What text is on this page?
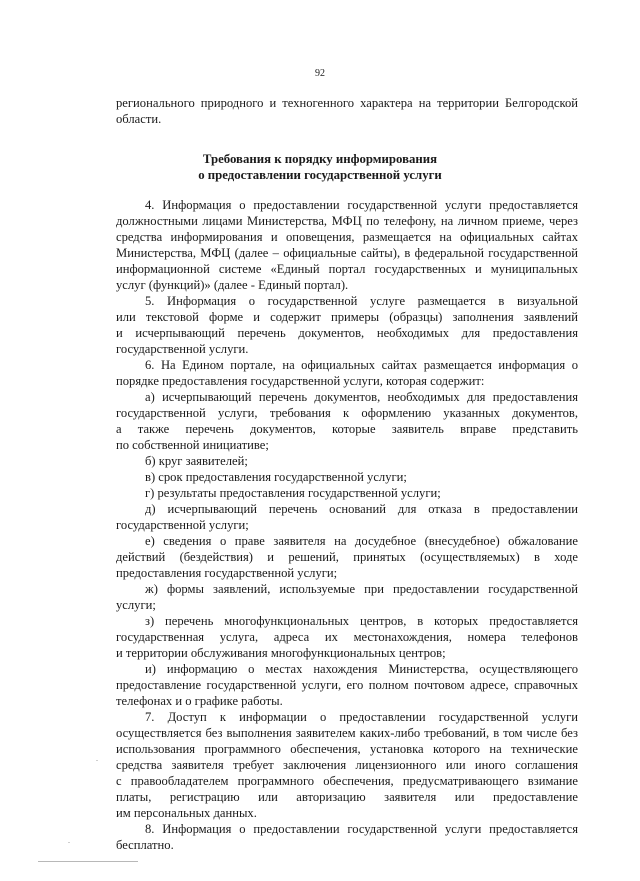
92
регионального природного и техногенного характера на территории Белгородской
области.
Требования к порядку информирования
о предоставлении государственной услуги
4. Информация о предоставлении государственной услуги предоставляется
должностными лицами Министерства, МФЦ по телефону, на личном приеме, через
средства информирования и оповещения, размещается на официальных сайтах
Министерства, МФЦ (далее – официальные сайты), в федеральной государственной
информационной системе «Единый портал государственных и муниципальных
услуг (функций)» (далее - Единый портал).
5. Информация о государственной услуге размещается в визуальной
или текстовой форме и содержит примеры (образцы) заполнения заявлений
и исчерпывающий перечень документов, необходимых для предоставления
государственной услуги.
6. На Едином портале, на официальных сайтах размещается информация о
порядке предоставления государственной услуги, которая содержит:
а) исчерпывающий перечень документов, необходимых для предоставления
государственной услуги, требования к оформлению указанных документов,
а также перечень документов, которые заявитель вправе представить
по собственной инициативе;
б) круг заявителей;
в) срок предоставления государственной услуги;
г) результаты предоставления государственной услуги;
д) исчерпывающий перечень оснований для отказа в предоставлении
государственной услуги;
е) сведения о праве заявителя на досудебное (внесудебное) обжалование
действий (бездействия) и решений, принятых (осуществляемых) в ходе
предоставления государственной услуги;
ж) формы заявлений, используемые при предоставлении государственной
услуги;
з) перечень многофункциональных центров, в которых предоставляется
государственная услуга, адреса их местонахождения, номера телефонов
и территории обслуживания многофункциональных центров;
и) информацию о местах нахождения Министерства, осуществляющего
предоставление государственной услуги, его полном почтовом адресе, справочных
телефонах и о графике работы.
7. Доступ к информации о предоставлении государственной услуги
осуществляется без выполнения заявителем каких-либо требований, в том числе без
использования программного обеспечения, установка которого на технические
средства заявителя требует заключения лицензионного или иного соглашения
с правообладателем программного обеспечения, предусматривающего взимание
платы, регистрацию или авторизацию заявителя или предоставление
им персональных данных.
8. Информация о предоставлении государственной услуги предоставляется
бесплатно.
